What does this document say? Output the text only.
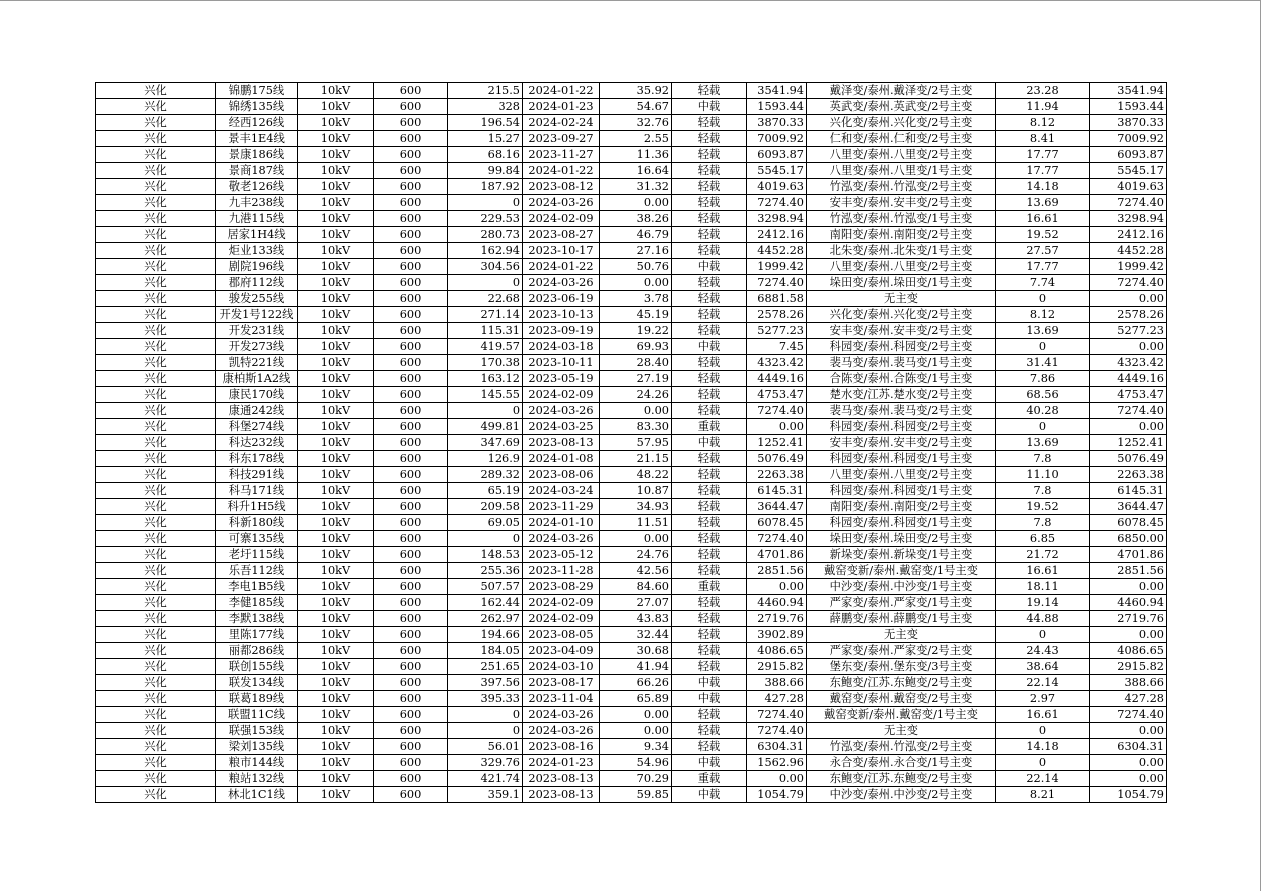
兴化	锦鹏175线	10kV	600	215.5	2024-01-22	35.92	轻载	3541.94	戴泽变/泰州.戴泽变/2号主变	23.28	3541.94
兴化	锦绣135线	10kV	600	328	2024-01-23	54.67	中载	1593.44	英武变/泰州.英武变/2号主变	11.94	1593.44
兴化	经西126线	10kV	600	196.54	2024-02-24	32.76	轻载	3870.33	兴化变/泰州.兴化变/2号主变	8.12	3870.33
兴化	景丰1E4线	10kV	600	15.27	2023-09-27	2.55	轻载	7009.92	仁和变/泰州.仁和变/2号主变	8.41	7009.92
兴化	景康186线	10kV	600	68.16	2023-11-27	11.36	轻载	6093.87	八里变/泰州.八里变/2号主变	17.77	6093.87
兴化	景商187线	10kV	600	99.84	2024-01-22	16.64	轻载	5545.17	八里变/泰州.八里变/1号主变	17.77	5545.17
兴化	敬老126线	10kV	600	187.92	2023-08-12	31.32	轻载	4019.63	竹泓变/泰州.竹泓变/2号主变	14.18	4019.63
兴化	九丰238线	10kV	600	0	2024-03-26	0.00	轻载	7274.40	安丰变/泰州.安丰变/2号主变	13.69	7274.40
兴化	九港115线	10kV	600	229.53	2024-02-09	38.26	轻载	3298.94	竹泓变/泰州.竹泓变/1号主变	16.61	3298.94
兴化	居家1H4线	10kV	600	280.73	2023-08-27	46.79	轻载	2412.16	南阳变/泰州.南阳变/2号主变	19.52	2412.16
兴化	炬业133线	10kV	600	162.94	2023-10-17	27.16	轻载	4452.28	北朱变/泰州.北朱变/1号主变	27.57	4452.28
兴化	剧院196线	10kV	600	304.56	2024-01-22	50.76	中载	1999.42	八里变/泰州.八里变/2号主变	17.77	1999.42
兴化	郡府112线	10kV	600	0	2024-03-26	0.00	轻载	7274.40	垛田变/泰州.垛田变/1号主变	7.74	7274.40
兴化	骏发255线	10kV	600	22.68	2023-06-19	3.78	轻载	6881.58	无主变	0	0.00
兴化	开发1号122线	10kV	600	271.14	2023-10-13	45.19	轻载	2578.26	兴化变/泰州.兴化变/2号主变	8.12	2578.26
兴化	开发231线	10kV	600	115.31	2023-09-19	19.22	轻载	5277.23	安丰变/泰州.安丰变/2号主变	13.69	5277.23
兴化	开发273线	10kV	600	419.57	2024-03-18	69.93	中载	7.45	科园变/泰州.科园变/2号主变	0	0.00
兴化	凯特221线	10kV	600	170.38	2023-10-11	28.40	轻载	4323.42	裴马变/泰州.裴马变/1号主变	31.41	4323.42
兴化	康柏斯1A2线	10kV	600	163.12	2023-05-19	27.19	轻载	4449.16	合陈变/泰州.合陈变/1号主变	7.86	4449.16
兴化	康民170线	10kV	600	145.55	2024-02-09	24.26	轻载	4753.47	楚水变/江苏.楚水变/2号主变	68.56	4753.47
兴化	康通242线	10kV	600	0	2024-03-26	0.00	轻载	7274.40	裴马变/泰州.裴马变/2号主变	40.28	7274.40
兴化	科堡274线	10kV	600	499.81	2024-03-25	83.30	重载	0.00	科园变/泰州.科园变/2号主变	0	0.00
兴化	科达232线	10kV	600	347.69	2023-08-13	57.95	中载	1252.41	安丰变/泰州.安丰变/2号主变	13.69	1252.41
兴化	科东178线	10kV	600	126.9	2024-01-08	21.15	轻载	5076.49	科园变/泰州.科园变/1号主变	7.8	5076.49
兴化	科技291线	10kV	600	289.32	2023-08-06	48.22	轻载	2263.38	八里变/泰州.八里变/2号主变	11.10	2263.38
兴化	科马171线	10kV	600	65.19	2024-03-24	10.87	轻载	6145.31	科园变/泰州.科园变/1号主变	7.8	6145.31
兴化	科升1H5线	10kV	600	209.58	2023-11-29	34.93	轻载	3644.47	南阳变/泰州.南阳变/2号主变	19.52	3644.47
兴化	科新180线	10kV	600	69.05	2024-01-10	11.51	轻载	6078.45	科园变/泰州.科园变/1号主变	7.8	6078.45
兴化	可寨135线	10kV	600	0	2024-03-26	0.00	轻载	7274.40	垛田变/泰州.垛田变/2号主变	6.85	6850.00
兴化	老圩115线	10kV	600	148.53	2023-05-12	24.76	轻载	4701.86	新垛变/泰州.新垛变/1号主变	21.72	4701.86
兴化	乐吾112线	10kV	600	255.36	2023-11-28	42.56	轻载	2851.56	戴窑变新/泰州.戴窑变/1号主变	16.61	2851.56
兴化	李电1B5线	10kV	600	507.57	2023-08-29	84.60	重载	0.00	中沙变/泰州.中沙变/1号主变	18.11	0.00
兴化	李健185线	10kV	600	162.44	2024-02-09	27.07	轻载	4460.94	严家变/泰州.严家变/1号主变	19.14	4460.94
兴化	李默138线	10kV	600	262.97	2024-02-09	43.83	轻载	2719.76	薛鹏变/泰州.薛鹏变/1号主变	44.88	2719.76
兴化	里陈177线	10kV	600	194.66	2023-08-05	32.44	轻载	3902.89	无主变	0	0.00
兴化	丽都286线	10kV	600	184.05	2023-04-09	30.68	轻载	4086.65	严家变/泰州.严家变/2号主变	24.43	4086.65
兴化	联创155线	10kV	600	251.65	2024-03-10	41.94	轻载	2915.82	堡东变/泰州.堡东变/3号主变	38.64	2915.82
兴化	联发134线	10kV	600	397.56	2023-08-17	66.26	中载	388.66	东鲍变/江苏.东鲍变/2号主变	22.14	388.66
兴化	联葛189线	10kV	600	395.33	2023-11-04	65.89	中载	427.28	戴窑变/泰州.戴窑变/2号主变	2.97	427.28
兴化	联盟11C线	10kV	600	0	2024-03-26	0.00	轻载	7274.40	戴窑变新/泰州.戴窑变/1号主变	16.61	7274.40
兴化	联强153线	10kV	600	0	2024-03-26	0.00	轻载	7274.40	无主变	0	0.00
兴化	梁刘135线	10kV	600	56.01	2023-08-16	9.34	轻载	6304.31	竹泓变/泰州.竹泓变/2号主变	14.18	6304.31
兴化	粮市144线	10kV	600	329.76	2024-01-23	54.96	中载	1562.96	永合变/泰州.永合变/1号主变	0	0.00
兴化	粮站132线	10kV	600	421.74	2023-08-13	70.29	重载	0.00	东鲍变/江苏.东鲍变/2号主变	22.14	0.00
兴化	林北1C1线	10kV	600	359.1	2023-08-13	59.85	中载	1054.79	中沙变/泰州.中沙变/2号主变	8.21	1054.79
